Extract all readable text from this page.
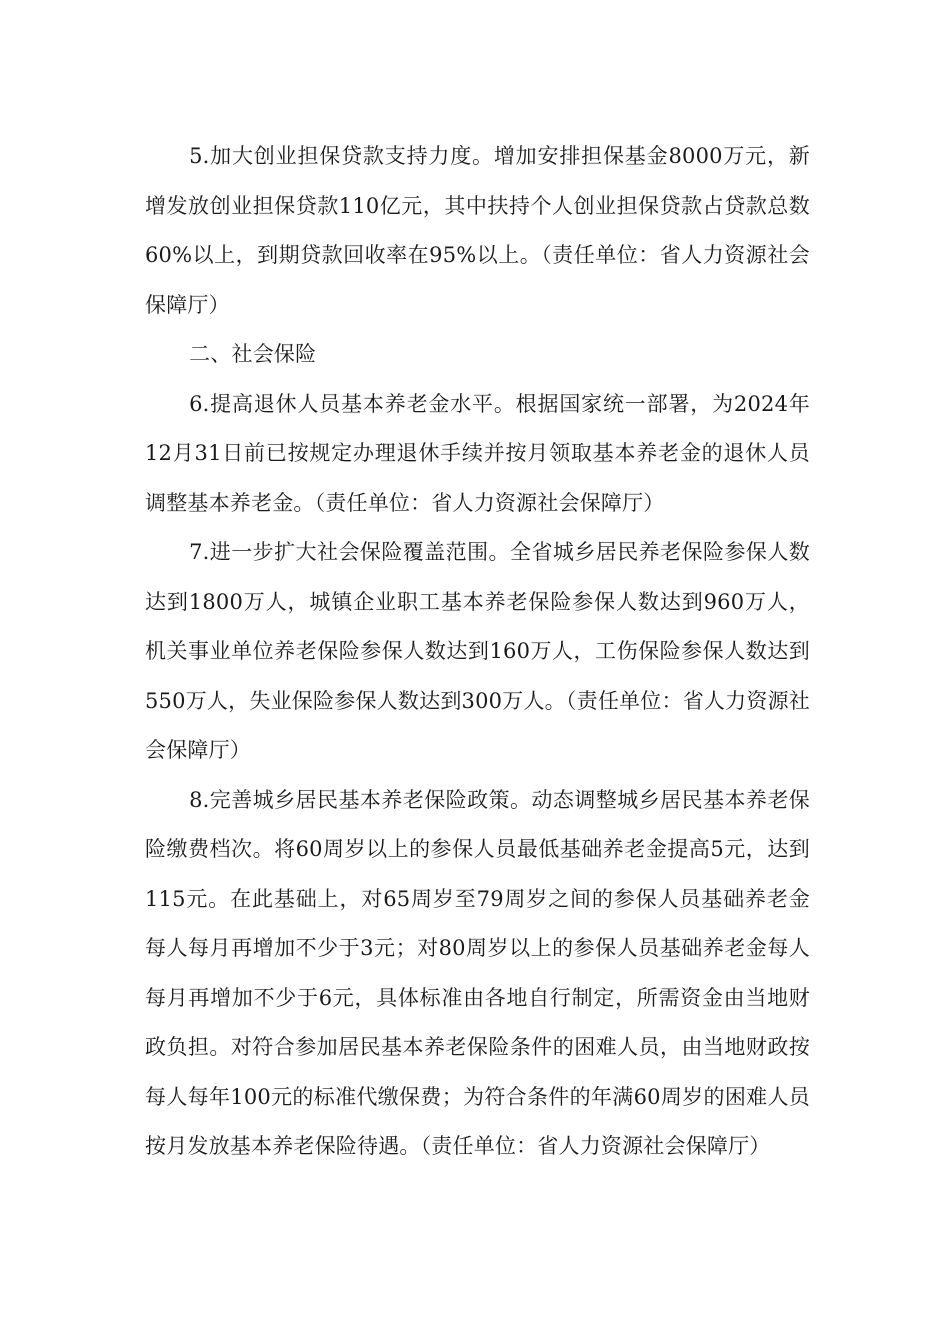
5.加大创业担保贷款支持力度。增加安排担保基金8000万元，新增发放创业担保贷款110亿元，其中扶持个人创业担保贷款占贷款总数60%以上，到期贷款回收率在95%以上。（责任单位：省人力资源社会保障厅）

二、社会保险

6.提高退休人员基本养老金水平。根据国家统一部署，为2024年12月31日前已按规定办理退休手续并按月领取基本养老金的退休人员调整基本养老金。（责任单位：省人力资源社会保障厅）

7.进一步扩大社会保险覆盖范围。全省城乡居民养老保险参保人数达到1800万人，城镇企业职工基本养老保险参保人数达到960万人，机关事业单位养老保险参保人数达到160万人，工伤保险参保人数达到550万人，失业保险参保人数达到300万人。（责任单位：省人力资源社会保障厅）

8.完善城乡居民基本养老保险政策。动态调整城乡居民基本养老保险缴费档次。将60周岁以上的参保人员最低基础养老金提高5元，达到115元。在此基础上，对65周岁至79周岁之间的参保人员基础养老金每人每月再增加不少于3元；对80周岁以上的参保人员基础养老金每人每月再增加不少于6元，具体标准由各地自行制定，所需资金由当地财政负担。对符合参加居民基本养老保险条件的困难人员，由当地财政按每人每年100元的标准代缴保费；为符合条件的年满60周岁的困难人员按月发放基本养老保险待遇。（责任单位：省人力资源社会保障厅）
